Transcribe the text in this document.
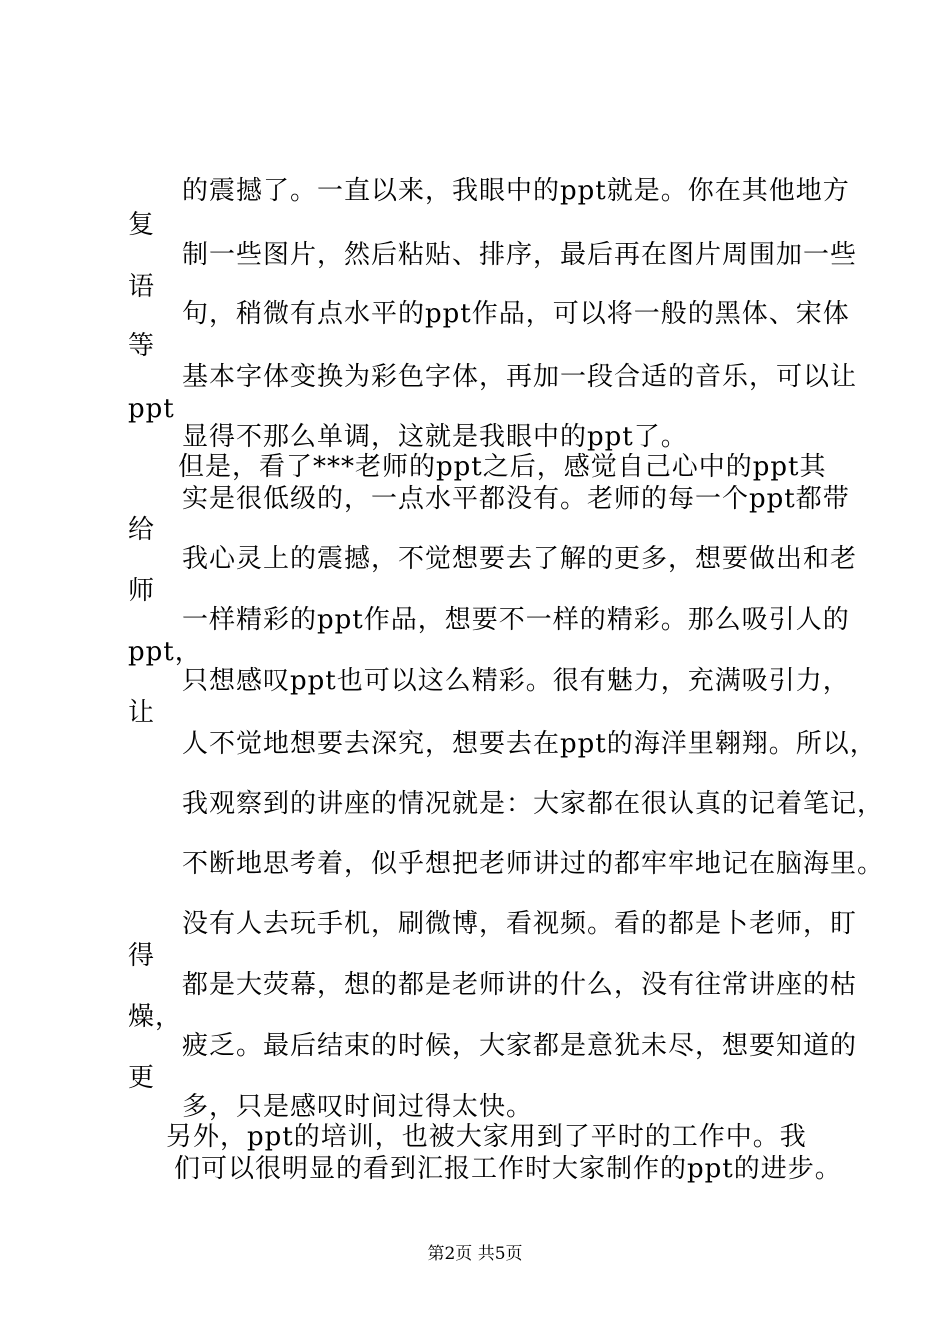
的震撼了。一直以来，我眼中的ppt就是。你在其他地方
复
制一些图片，然后粘贴、排序，最后再在图片周围加一些
语
句，稍微有点水平的ppt作品，可以将一般的黑体、宋体
等
基本字体变换为彩色字体，再加一段合适的音乐，可以让
ppt
显得不那么单调，这就是我眼中的ppt了。
但是，看了***老师的ppt之后，感觉自己心中的ppt其
实是很低级的，一点水平都没有。老师的每一个ppt都带
给
我心灵上的震撼，不觉想要去了解的更多，想要做出和老
师
一样精彩的ppt作品，想要不一样的精彩。那么吸引人的
ppt，
只想感叹ppt也可以这么精彩。很有魅力，充满吸引力，
让
人不觉地想要去深究，想要去在ppt的海洋里翱翔。所以，
我观察到的讲座的情况就是：大家都在很认真的记着笔记，
不断地思考着，似乎想把老师讲过的都牢牢地记在脑海里。
没有人去玩手机，刷微博，看视频。看的都是卜老师，盯
得
都是大荧幕，想的都是老师讲的什么，没有往常讲座的枯
燥，
疲乏。最后结束的时候，大家都是意犹未尽，想要知道的
更
多，只是感叹时间过得太快。
另外，ppt的培训，也被大家用到了平时的工作中。我
们可以很明显的看到汇报工作时大家制作的ppt的进步。
第2页 共5页
